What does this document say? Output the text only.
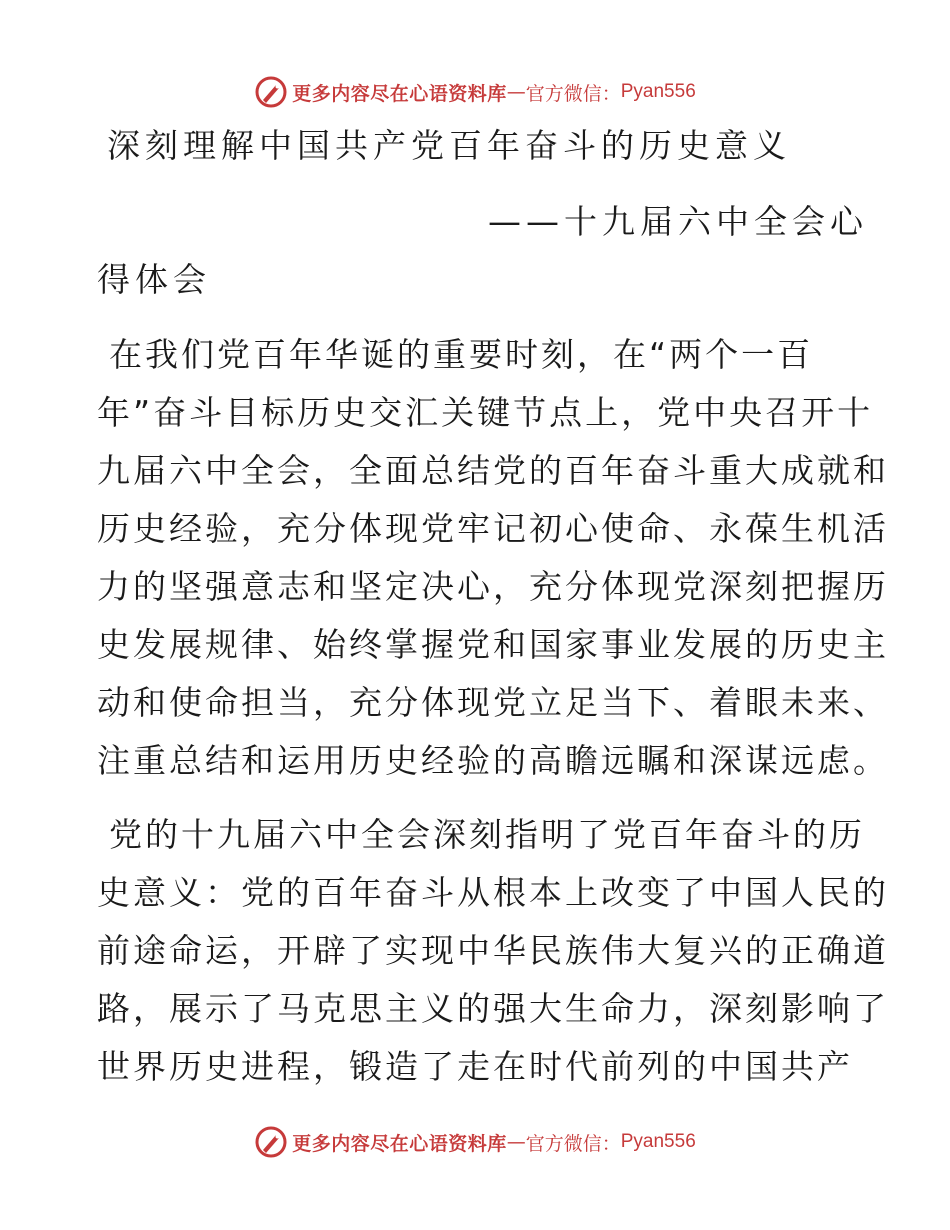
更多内容尽在心语资料库 — 官方微信： Pyan556
深刻理解中国共产党百年奋斗的历史意义
——十九届六中全会心
得体会
在我们党百年华诞的重要时刻，在“两个一百
年”奋斗目标历史交汇关键节点上，党中央召开十
九届六中全会，全面总结党的百年奋斗重大成就和
历史经验，充分体现党牢记初心使命、永葆生机活
力的坚强意志和坚定决心，充分体现党深刻把握历
史发展规律、始终掌握党和国家事业发展的历史主
动和使命担当，充分体现党立足当下、着眼未来、
注重总结和运用历史经验的高瞻远瞩和深谋远虑。
党的十九届六中全会深刻指明了党百年奋斗的历
史意义：党的百年奋斗从根本上改变了中国人民的
前途命运，开辟了实现中华民族伟大复兴的正确道
路，展示了马克思主义的强大生命力，深刻影响了
世界历史进程，锻造了走在时代前列的中国共产
更多内容尽在心语资料库 — 官方微信： Pyan556
